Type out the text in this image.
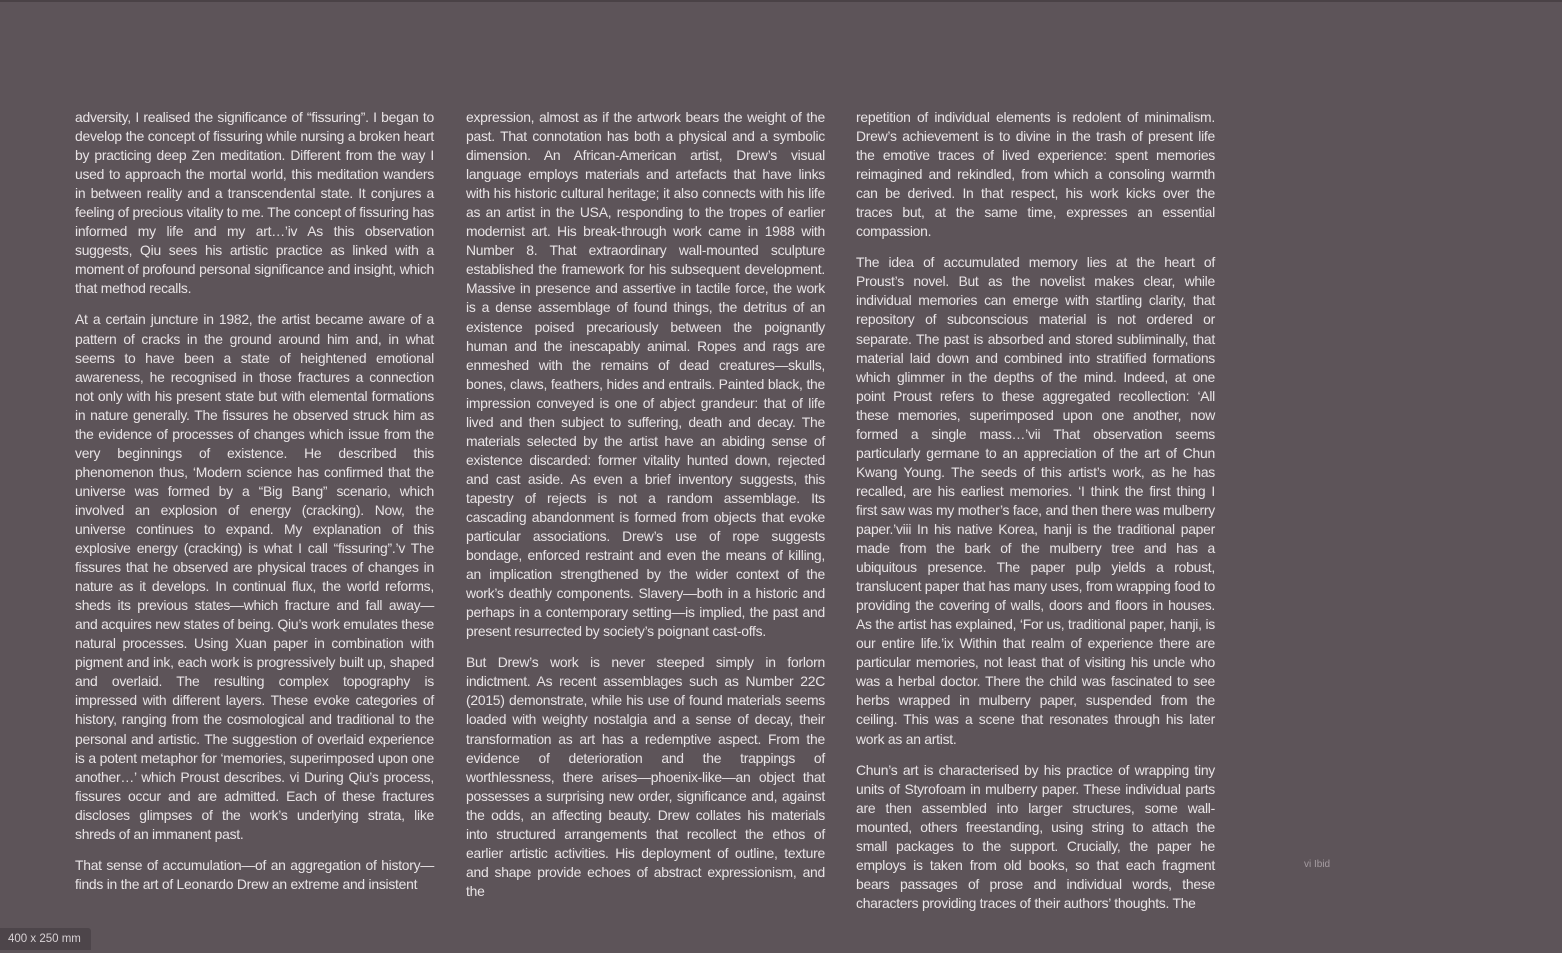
adversity, I realised the significance of “fissuring”. I began to develop the concept of fissuring while nursing a broken heart by practicing deep Zen meditation. Different from the way I used to approach the mortal world, this meditation wanders in between reality and a transcendental state. It conjures a feeling of precious vitality to me. The concept of fissuring has informed my life and my art…’iv As this observation suggests, Qiu sees his artistic practice as linked with a moment of profound personal significance and insight, which that method recalls.

At a certain juncture in 1982, the artist became aware of a pattern of cracks in the ground around him and, in what seems to have been a state of heightened emotional awareness, he recognised in those fractures a connection not only with his present state but with elemental formations in nature generally. The fissures he observed struck him as the evidence of processes of changes which issue from the very beginnings of existence. He described this phenomenon thus, ‘Modern science has confirmed that the universe was formed by a “Big Bang” scenario, which involved an explosion of energy (cracking). Now, the universe continues to expand. My explanation of this explosive energy (cracking) is what I call “fissuring”.’v The fissures that he observed are physical traces of changes in nature as it develops. In continual flux, the world reforms, sheds its previous states—which fracture and fall away—and acquires new states of being. Qiu’s work emulates these natural processes. Using Xuan paper in combination with pigment and ink, each work is progressively built up, shaped and overlaid. The resulting complex topography is impressed with different layers. These evoke categories of history, ranging from the cosmological and traditional to the personal and artistic. The suggestion of overlaid experience is a potent metaphor for ‘memories, superimposed upon one another…’ which Proust describes. vi During Qiu’s process, fissures occur and are admitted. Each of these fractures discloses glimpses of the work’s underlying strata, like shreds of an immanent past.

That sense of accumulation—of an aggregation of history—finds in the art of Leonardo Drew an extreme and insistent

expression, almost as if the artwork bears the weight of the past. That connotation has both a physical and a symbolic dimension. An African-American artist, Drew’s visual language employs materials and artefacts that have links with his historic cultural heritage; it also connects with his life as an artist in the USA, responding to the tropes of earlier modernist art. His break-through work came in 1988 with Number 8. That extraordinary wall-mounted sculpture established the framework for his subsequent development. Massive in presence and assertive in tactile force, the work is a dense assemblage of found things, the detritus of an existence poised precariously between the poignantly human and the inescapably animal. Ropes and rags are enmeshed with the remains of dead creatures—skulls, bones, claws, feathers, hides and entrails. Painted black, the impression conveyed is one of abject grandeur: that of life lived and then subject to suffering, death and decay. The materials selected by the artist have an abiding sense of existence discarded: former vitality hunted down, rejected and cast aside. As even a brief inventory suggests, this tapestry of rejects is not a random assemblage. Its cascading abandonment is formed from objects that evoke particular associations. Drew’s use of rope suggests bondage, enforced restraint and even the means of killing, an implication strengthened by the wider context of the work’s deathly components. Slavery—both in a historic and perhaps in a contemporary setting—is implied, the past and present resurrected by society’s poignant cast-offs.

But Drew’s work is never steeped simply in forlorn indictment. As recent assemblages such as Number 22C (2015) demonstrate, while his use of found materials seems loaded with weighty nostalgia and a sense of decay, their transformation as art has a redemptive aspect. From the evidence of deterioration and the trappings of worthlessness, there arises—phoenix-like—an object that possesses a surprising new order, significance and, against the odds, an affecting beauty. Drew collates his materials into structured arrangements that recollect the ethos of earlier artistic activities. His deployment of outline, texture and shape provide echoes of abstract expressionism, and the

repetition of individual elements is redolent of minimalism. Drew’s achievement is to divine in the trash of present life the emotive traces of lived experience: spent memories reimagined and rekindled, from which a consoling warmth can be derived. In that respect, his work kicks over the traces but, at the same time, expresses an essential compassion.

The idea of accumulated memory lies at the heart of Proust’s novel. But as the novelist makes clear, while individual memories can emerge with startling clarity, that repository of subconscious material is not ordered or separate. The past is absorbed and stored subliminally, that material laid down and combined into stratified formations which glimmer in the depths of the mind. Indeed, at one point Proust refers to these aggregated recollection: ‘All these memories, superimposed upon one another, now formed a single mass…’vii That observation seems particularly germane to an appreciation of the art of Chun Kwang Young. The seeds of this artist’s work, as he has recalled, are his earliest memories. ‘I think the first thing I first saw was my mother’s face, and then there was mulberry paper.’viii In his native Korea, hanji is the traditional paper made from the bark of the mulberry tree and has a ubiquitous presence. The paper pulp yields a robust, translucent paper that has many uses, from wrapping food to providing the covering of walls, doors and floors in houses. As the artist has explained, ‘For us, traditional paper, hanji, is our entire life.’ix Within that realm of experience there are particular memories, not least that of visiting his uncle who was a herbal doctor. There the child was fascinated to see herbs wrapped in mulberry paper, suspended from the ceiling. This was a scene that resonates through his later work as an artist.

Chun’s art is characterised by his practice of wrapping tiny units of Styrofoam in mulberry paper. These individual parts are then assembled into larger structures, some wall-mounted, others freestanding, using string to attach the small packages to the support. Crucially, the paper he employs is taken from old books, so that each fragment bears passages of prose and individual words, these characters providing traces of their authors’ thoughts. The

vi Ibid
400 x 250 mm
